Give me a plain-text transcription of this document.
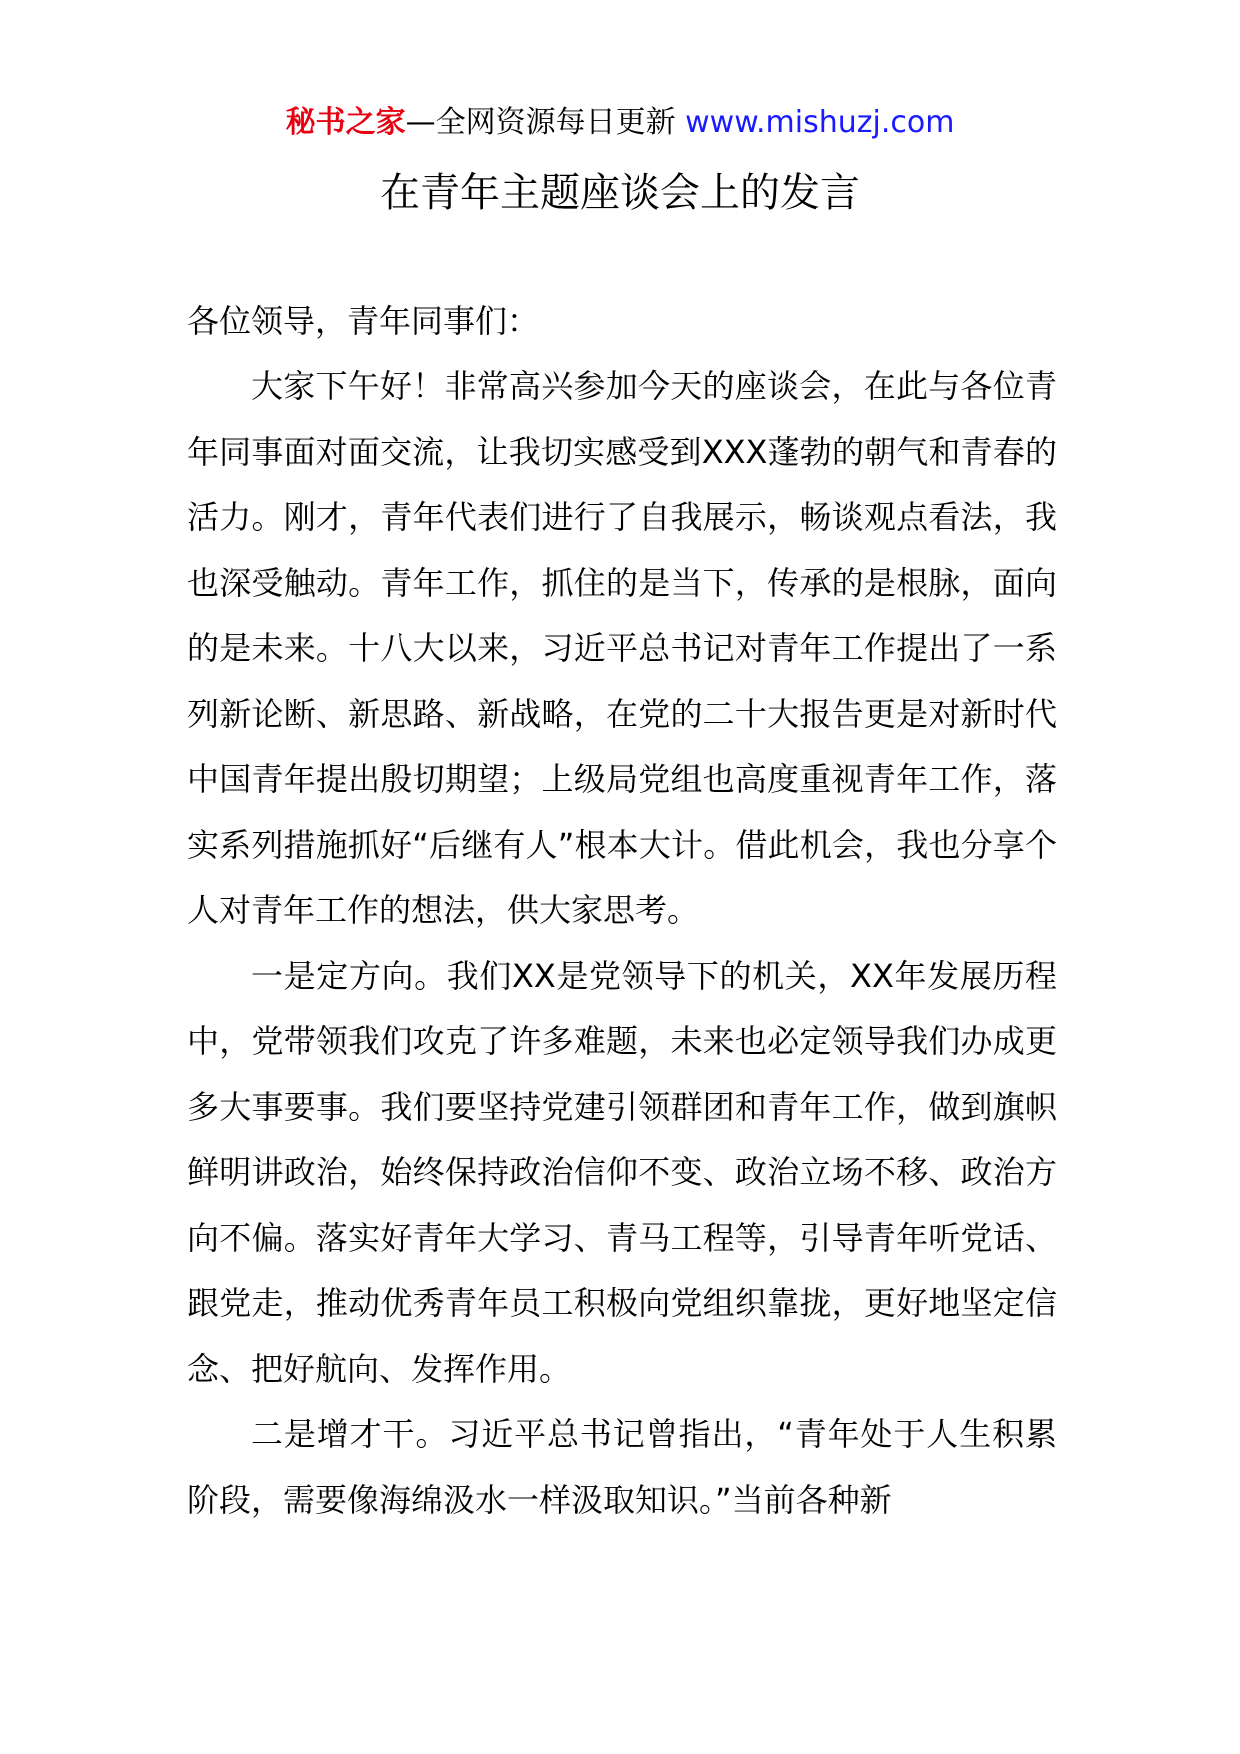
秘书之家—全网资源每日更新 www.mishuzj.com
在青年主题座谈会上的发言

各位领导，青年同事们：

大家下午好！非常高兴参加今天的座谈会，在此与各位青年同事面对面交流，让我切实感受到XXX蓬勃的朝气和青春的活力。刚才，青年代表们进行了自我展示，畅谈观点看法，我也深受触动。青年工作，抓住的是当下，传承的是根脉，面向的是未来。十八大以来，习近平总书记对青年工作提出了一系列新论断、新思路、新战略，在党的二十大报告更是对新时代中国青年提出殷切期望；上级局党组也高度重视青年工作，落实系列措施抓好“后继有人”根本大计。借此机会，我也分享个人对青年工作的想法，供大家思考。

一是定方向。我们XX是党领导下的机关，XX年发展历程中，党带领我们攻克了许多难题，未来也必定领导我们办成更多大事要事。我们要坚持党建引领群团和青年工作，做到旗帜鲜明讲政治，始终保持政治信仰不变、政治立场不移、政治方向不偏。落实好青年大学习、青马工程等，引导青年听党话、跟党走，推动优秀青年员工积极向党组织靠拢，更好地坚定信念、把好航向、发挥作用。

二是增才干。习近平总书记曾指出，“青年处于人生积累阶段，需要像海绵汲水一样汲取知识。”当前各种新
